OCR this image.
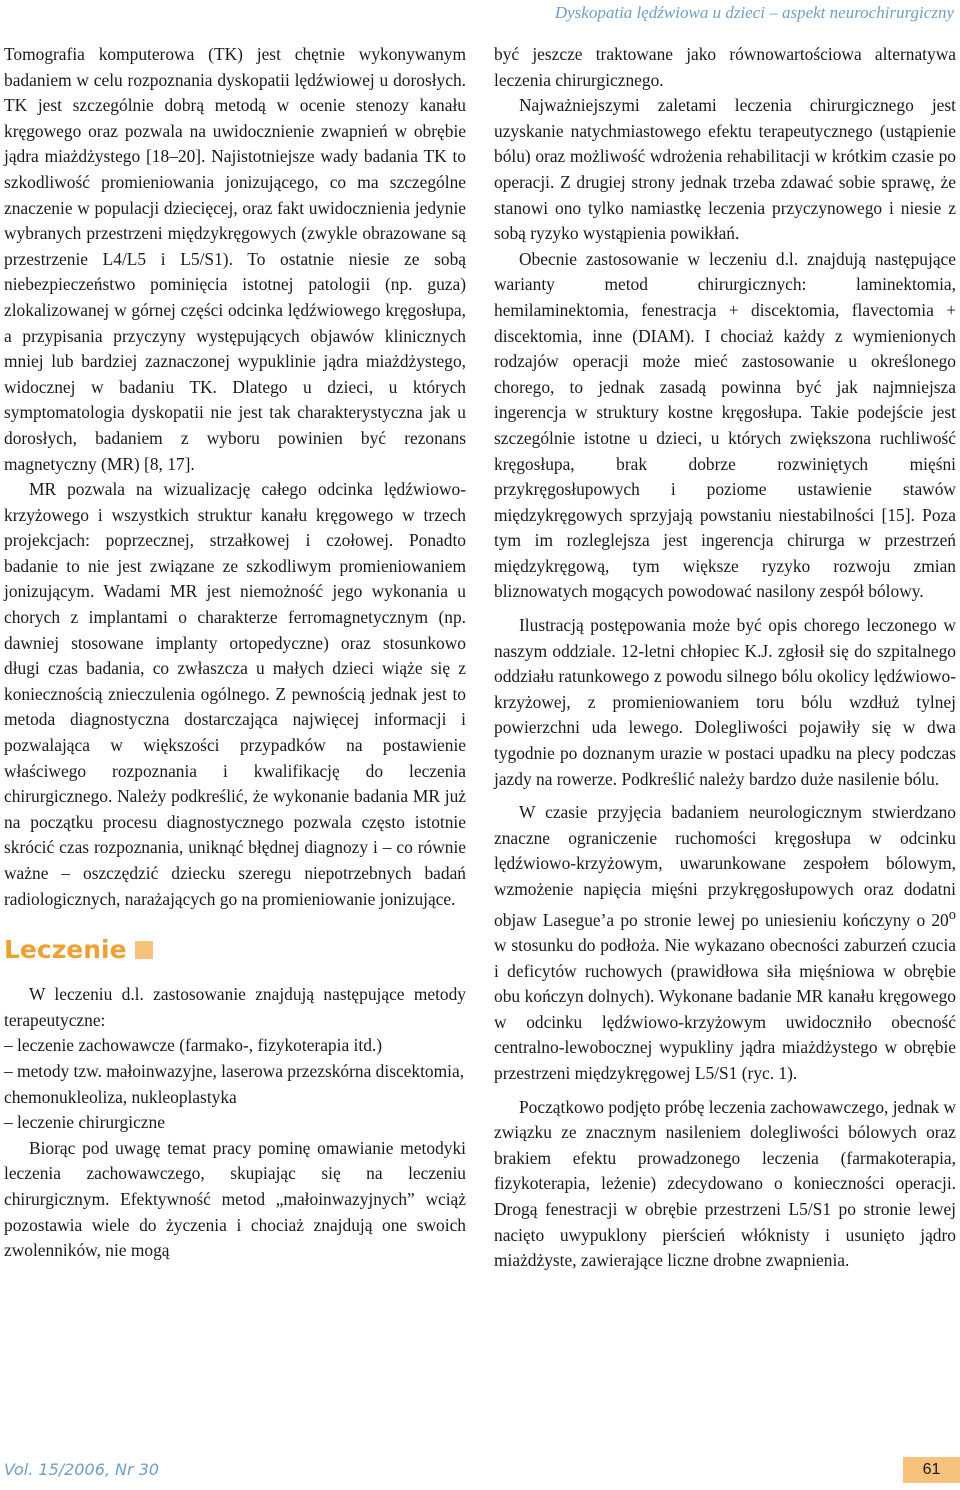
Dyskopatia lędźwiowa u dzieci – aspekt neurochirurgiczny

Tomografia komputerowa (TK) jest chętnie wykonywanym badaniem w celu rozpoznania dyskopatii lędźwiowej u dorosłych. TK jest szczególnie dobrą metodą w ocenie stenozy kanału kręgowego oraz pozwala na uwidocznienie zwapnień w obrębie jądra miażdżystego [18–20]. Najistotniejsze wady badania TK to szkodliwość promieniowania jonizującego, co ma szczególne znaczenie w populacji dziecięcej, oraz fakt uwidocznienia jedynie wybranych przestrzeni międzykręgowych (zwykle obrazowane są przestrzenie L4/L5 i L5/S1). To ostatnie niesie ze sobą niebezpieczeństwo pominięcia istotnej patologii (np. guza) zlokalizowanej w górnej części odcinka lędźwiowego kręgosłupa, a przypisania przyczyny występujących objawów klinicznych mniej lub bardziej zaznaczonej wypuklinie jądra miażdżystego, widocznej w badaniu TK. Dlatego u dzieci, u których symptomatologia dyskopatii nie jest tak charakterystyczna jak u dorosłych, badaniem z wyboru powinien być rezonans magnetyczny (MR) [8, 17].

MR pozwala na wizualizację całego odcinka lędźwiowo-krzyżowego i wszystkich struktur kanału kręgowego w trzech projekcjach: poprzecznej, strzałkowej i czołowej. Ponadto badanie to nie jest związane ze szkodliwym promieniowaniem jonizującym. Wadami MR jest niemożność jego wykonania u chorych z implantami o charakterze ferromagnetycznym (np. dawniej stosowane implanty ortopedyczne) oraz stosunkowo długi czas badania, co zwłaszcza u małych dzieci wiąże się z koniecznością znieczulenia ogólnego. Z pewnością jednak jest to metoda diagnostyczna dostarczająca najwięcej informacji i pozwalająca w większości przypadków na postawienie właściwego rozpoznania i kwalifikację do leczenia chirurgicznego. Należy podkreślić, że wykonanie badania MR już na początku procesu diagnostycznego pozwala często istotnie skrócić czas rozpoznania, uniknąć błędnej diagnozy i – co równie ważne – oszczędzić dziecku szeregu niepotrzebnych badań radiologicznych, narażających go na promieniowanie jonizujące.

Leczenie

W leczeniu d.l. zastosowanie znajdują następujące metody terapeutyczne:

– leczenie zachowawcze (farmako-, fizykoterapia itd.)

– metody tzw. małoinwazyjne, laserowa przezskórna discektomia, chemonukleoliza, nukleoplastyka

– leczenie chirurgiczne

Biorąc pod uwagę temat pracy pominę omawianie metodyki leczenia zachowawczego, skupiając się na leczeniu chirurgicznym. Efektywność metod „małoinwazyjnych” wciąż pozostawia wiele do życzenia i chociaż znajdują one swoich zwolenników, nie mogą

być jeszcze traktowane jako równowartościowa alternatywa leczenia chirurgicznego.

Najważniejszymi zaletami leczenia chirurgicznego jest uzyskanie natychmiastowego efektu terapeutycznego (ustąpienie bólu) oraz możliwość wdrożenia rehabilitacji w krótkim czasie po operacji. Z drugiej strony jednak trzeba zdawać sobie sprawę, że stanowi ono tylko namiastkę leczenia przyczynowego i niesie z sobą ryzyko wystąpienia powikłań.

Obecnie zastosowanie w leczeniu d.l. znajdują następujące warianty metod chirurgicznych: laminektomia, hemilaminektomia, fenestracja + discektomia, flavectomia + discektomia, inne (DIAM). I chociaż każdy z wymienionych rodzajów operacji może mieć zastosowanie u określonego chorego, to jednak zasadą powinna być jak najmniejsza ingerencja w struktury kostne kręgosłupa. Takie podejście jest szczególnie istotne u dzieci, u których zwiększona ruchliwość kręgosłupa, brak dobrze rozwiniętych mięśni przykręgosłupowych i poziome ustawienie stawów międzykręgowych sprzyjają powstaniu niestabilności [15]. Poza tym im rozleglejsza jest ingerencja chirurga w przestrzeń międzykręgową, tym większe ryzyko rozwoju zmian bliznowatych mogących powodować nasilony zespół bólowy.

Ilustracją postępowania może być opis chorego leczonego w naszym oddziale. 12-letni chłopiec K.J. zgłosił się do szpitalnego oddziału ratunkowego z powodu silnego bólu okolicy lędźwiowo-krzyżowej, z promieniowaniem toru bólu wzdłuż tylnej powierzchni uda lewego. Dolegliwości pojawiły się w dwa tygodnie po doznanym urazie w postaci upadku na plecy podczas jazdy na rowerze. Podkreślić należy bardzo duże nasilenie bólu.

W czasie przyjęcia badaniem neurologicznym stwierdzano znaczne ograniczenie ruchomości kręgosłupa w odcinku lędźwiowo-krzyżowym, uwarunkowane zespołem bólowym, wzmożenie napięcia mięśni przykręgosłupowych oraz dodatni objaw Lasegue’a po stronie lewej po uniesieniu kończyny o 20$^o$ w stosunku do podłoża. Nie wykazano obecności zaburzeń czucia i deficytów ruchowych (prawidłowa siła mięśniowa w obrębie obu kończyn dolnych). Wykonane badanie MR kanału kręgowego w odcinku lędźwiowo-krzyżowym uwidoczniło obecność centralno-lewobocznej wypukliny jądra miażdżystego w obrębie przestrzeni międzykręgowej L5/S1 (ryc. 1).

Początkowo podjęto próbę leczenia zachowawczego, jednak w związku ze znacznym nasileniem dolegliwości bólowych oraz brakiem efektu prowadzonego leczenia (farmakoterapia, fizykoterapia, leżenie) zdecydowano o konieczności operacji. Drogą fenestracji w obrębie przestrzeni L5/S1 po stronie lewej nacięto uwypuklony pierścień włóknisty i usunięto jądro miażdżyste, zawierające liczne drobne zwapnienia.

Vol. 15/2006, Nr 30	61
